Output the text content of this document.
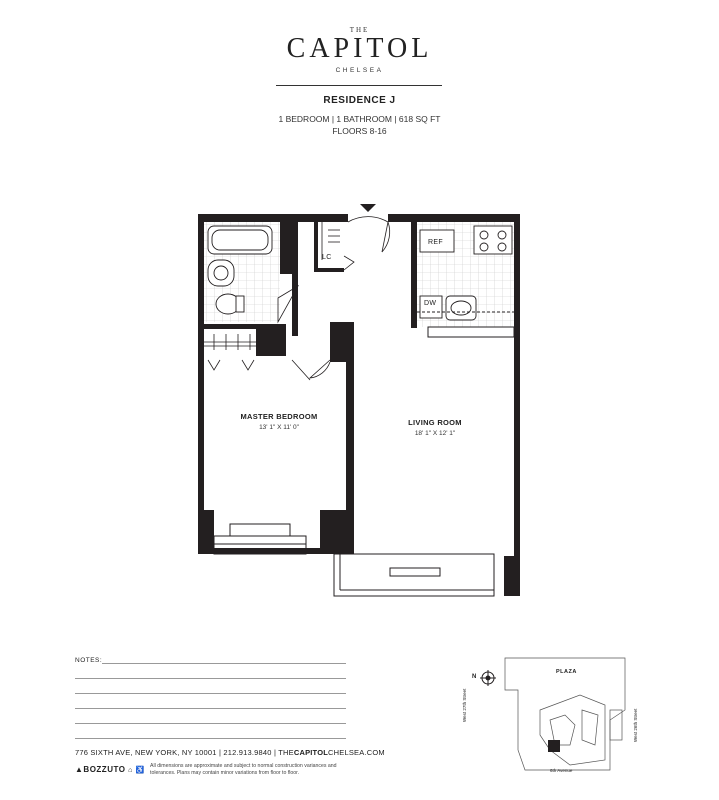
THE
CAPITOL
CHELSEA
RESIDENCE J
1 BEDROOM | 1 BATHROOM | 618 SQ FT
FLOORS 8-16
REF
DW
LC
MASTER BEDROOM
13' 1" X 11' 0"
LIVING ROOM
18' 1" X 12' 1"
NOTES:
776 SIXTH AVE, NEW YORK, NY 10001 | 212.913.9840 | THECAPITOLCHELSEA.COM
▲BOZZUTO ⌂ ♿
All dimensions are approximate and subject to normal construction variances and tolerances. Plans may contain minor variations from floor to floor.
PLAZA
N
West 27th Street
West 26th Street
6th Avenue
